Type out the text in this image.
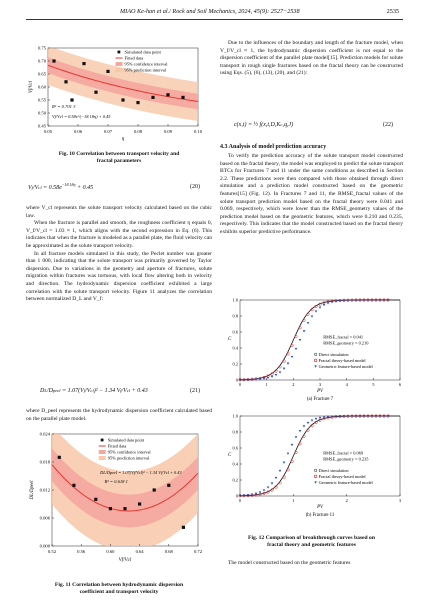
MIAO Ke-han et al./ Rock and Soil Mechanics, 2024, 45(9): 2527−2538	2535
0.05	0.06	0.07	0.08	0.09	0.10
0.45
0.50
0.55
0.60
0.65
0.70
0.75
η
Vf/Vcl
Simulated data point
Fitted data
95% confidence interval
95% prediction interval
R² = 0.701 3
Vf/Vcl = 0.58e^(−18.18η) + 0.45
Fig. 10 Correlation between transport velocity and
fractal parameters
$Vf/Vcl = 0.58e^{-18.18\eta} + 0.45$	(20)

where V_cl represents the solute transport velocity calculated based on the cubic law.

When the fracture is parallel and smooth, the roughness coefficient η equals 0, V_f/V_cl = 1.03 ≈ 1, which aligns with the second expression in Eq. (6). This indicates that when the fracture is modeled as a parallel plate, the fluid velocity can be approximated as the solute transport velocity.

In all fracture models simulated in this study, the Peclet number was greater than 1 000, indicating that the solute transport was primarily governed by Taylor dispersion. Due to variations in the geometry and aperture of fractures, solute migration within fractures was tortuous, with local flow altering both in velocity and direction. The hydrodynamic dispersion coefficient exhibited a large correlation with the solute transport velocity. Figure 11 analyzes the correlation between normalized D_L and V_f:

DL/Dpeel = 1.07(Vf/Vcl)² − 1.34 Vf/Vcl + 0.43	(21)

where D_peel represents the hydrodynamic dispersion coefficient calculated based on the parallel plate model.

0.52	0.56	0.60	0.64	0.68	0.72
0.000
0.006
0.012
0.018
0.024
Vf/Vcl
DL/Dpeel
Simulated data point
Fitted data
95% confidence interval
95% prediction interval
DL/Dpeel = 1.07(Vf/Vcl)² − 1.34 Vf/Vcl + 0.43
R² = 0.618 1
Fig. 11 Correlation between hydrodynamic dispersion
coefficient and transport velocity

Due to the influences of the boundary and length of the fracture model, when V_f/V_cl ≈ 1, the hydrodynamic dispersion coefficient is not equal to the dispersion coefficient of the parallel plate model[15]. Prediction models for solute transport in rough single fractures based on the fractal theory can be constructed using Eqs. (5), (6), (13), (20), and (21):

c(x,t) = ½ f(x,t,D,Kc,q,J)	(22)
4.3 Analysis of model prediction accuracy

To verify the prediction accuracy of the solute transport model constructed based on the fractal theory, the model was employed to predict the solute transport BTCs for Fractures 7 and 11 under the same conditions as described in Section 2.2. These predictions were then compared with those obtained through direct simulation and a prediction model constructed based on the geometric features[15] (Fig. 12). In Fractures 7 and 11, the RMSE_fractal values of the solute transport prediction model based on the fractal theory were 0.041 and 0.069, respectively, which were lower than the RMSE_geometry values of the prediction model based on the geometric features, which were 0.210 and 0.235, respectively. This indicates that the model constructed based on the fractal theory exhibits superior predictive performance.

0	1	2	3	4	5	6
0
0.2
0.4
0.6
0.8
1.0
PV
C
(a) Fracture 7
RMSE_fractal = 0.041
RMSE_geometry = 0.210
Direct simulation
Fractal theory-based model
Geometric feature-based model
0	1	2	3
0
0.2
0.4
0.6
0.8
1.0
PV
C
(b) Fracture 11
RMSE_fractal = 0.069
RMSE_geometry = 0.235
Direct simulation
Fractal theory-based model
Geometric feature-based model
Fig. 12 Comparison of breakthrough curves based on
fractal theory and geometric features

The model constructed based on the geometric features
